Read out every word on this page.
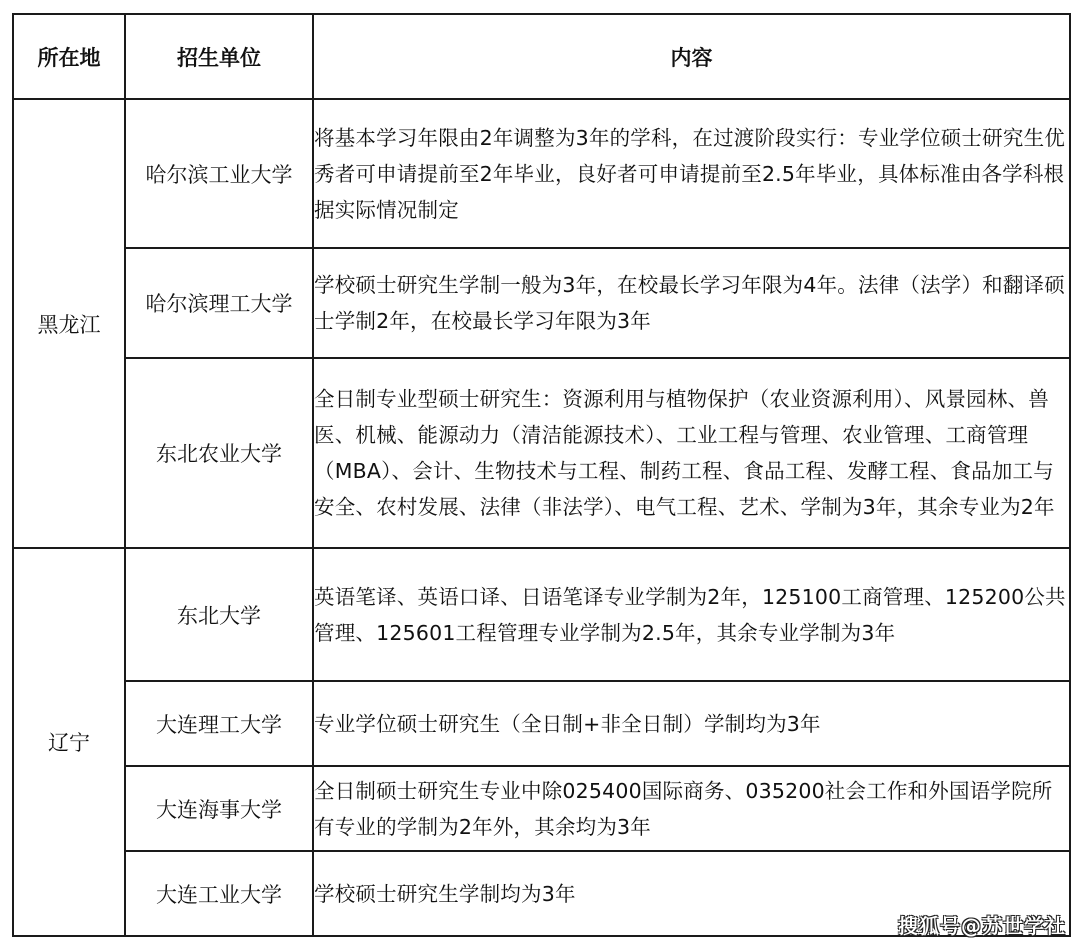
所在地	招生单位	内容
黑龙江	哈尔滨工业大学	将基本学习年限由2年调整为3年的学科，在过渡阶段实行：专业学位硕士研究生优秀者可申请提前至2年毕业，良好者可申请提前至2.5年毕业，具体标准由各学科根据实际情况制定
	哈尔滨理工大学	学校硕士研究生学制一般为3年，在校最长学习年限为4年。法律（法学）和翻译硕士学制2年，在校最长学习年限为3年
	东北农业大学	全日制专业型硕士研究生：资源利用与植物保护（农业资源利用）、风景园林、兽医、机械、能源动力（清洁能源技术）、工业工程与管理、农业管理、工商管理（MBA）、会计、生物技术与工程、制药工程、食品工程、发酵工程、食品加工与安全、农村发展、法律（非法学）、电气工程、艺术、学制为3年，其余专业为2年
辽宁	东北大学	英语笔译、英语口译、日语笔译专业学制为2年，125100工商管理、125200公共管理、125601工程管理专业学制为2.5年，其余专业学制为3年
	大连理工大学	专业学位硕士研究生（全日制+非全日制）学制均为3年
	大连海事大学	全日制硕士研究生专业中除025400国际商务、035200社会工作和外国语学院所有专业的学制为2年外，其余均为3年
	大连工业大学	学校硕士研究生学制均为3年
搜狐号@苏世学社
